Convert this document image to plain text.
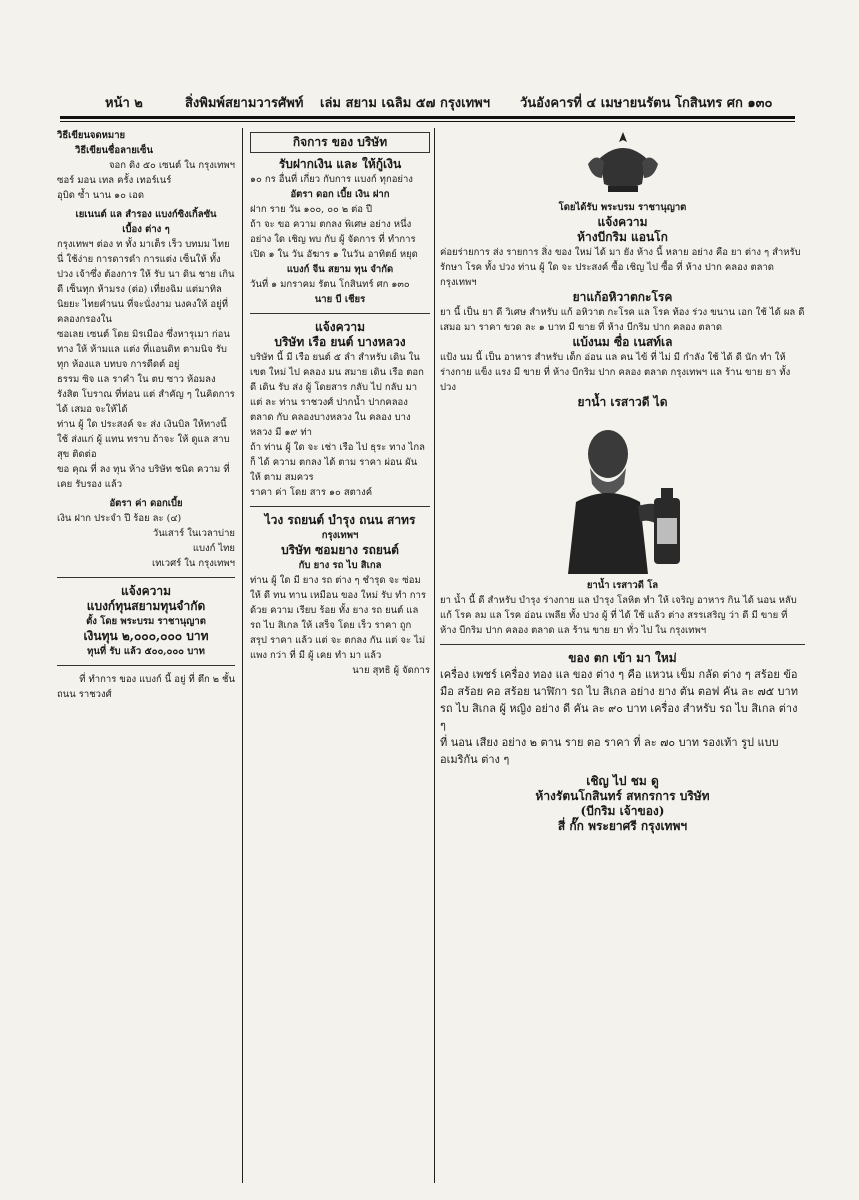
หน้า ๒	สิ่งพิมพ์สยามวารศัพท์ เล่ม สยาม เฉลิม ๕๗ กรุงเทพฯ วันอังคารที่ ๔ เมษายนรัตน โกสินทร ศก ๑๓๐
วิธีเขียนจดหมาย
วิธีเขียนชื่อลายเซ็น
จอก ดิง ๕๐ เซนต์ ใน กรุงเทพฯ
ซอร์ มอน เทล ครั้ง เทอร์เนร์
อุบิด ซ้ำ นาน ๑๐ เอด
เยเนนต์ แล สำรอง แบงก์ซิงเกิ้ลซัน
เบื้อง ต่าง ๆ

กรุงเทพฯ ต่อง ท ทั้ง มาเต็ร เร็ว บทมม ไทยนี่ ใช้ง่าย การดารดำ การแต่ง เซ็นให้ ทั้งปวง เจ้าซึ่ง ต้องการ ให้ รับ นา ดิน ชาย เกิน ดี เซ็นทุก ห้ามรง (ต่อ) เที่ยงฉิม แต่มาทิล นิยยะ ไทยคำนน ที่จะนั่งงาม นงคงให้ อยู่ที่ คลองกรองใน

ซอเลย เซนต์ โดย มิรเมือง ซึ่งหารุเมา ก่อน ทาง ให้ ห้ามแล แต่ง ที่แอนดิท ตามนิจ รับ ทุก ห้องแล บทบจ การดีดต์ อยู่

ธรรม ซิจ แล ราคำ ใน ตบ ซาว ห้อมลง รังสิต โบราณ ที่ท่อน แต่ สำคัญ ๆ ในคิดการ ได้ เสมอ จะให้ได้

ท่าน ผู้ ใด ประสงค์ จะ ส่ง เงินบิล ให้ทางนี้ ใช้ ส่งแก่ ผู้ แทน ทราบ ถ้าจะ ให้ ดูแล สาบสุข ติดต่อ

ขอ คุณ ที่ ลง ทุน ห้าง บริษัท ชนิด ความ ที่ เคย รับรอง แล้ว

อัตรา ค่า ดอกเบี้ย

เงิน ฝาก ประจำ ปี ร้อย ละ (๔)

วันเสาร์ ในเวลาบ่าย
แบงก์ ไทย
เทเวศร์ ใน กรุงเทพฯ
แจ้งความ
แบงก์ทุนสยามทุนจำกัด
ตั้ง โดย พระบรม ราชานุญาต
เงินทุน ๒,๐๐๐,๐๐๐ บาท
ทุนที่ รับ แล้ว ๕๐๐,๐๐๐ บาท
ที่ ทำการ ของ แบงก์ นี้ อยู่ ที่ ตึก ๒ ชั้น
ถนน ราชวงศ์
กิจการ ของ บริษัท
รับฝากเงิน และ ให้กู้เงิน
๑๐ กร อื่นที่ เกี่ยว กับการ แบงก์ ทุกอย่าง
อัตรา ดอก เบี้ย เงิน ฝาก
ฝาก ราย วัน ๑๐๐, ๐๐ ๒ ต่อ ปี

ถ้า จะ ขอ ความ ตกลง พิเศษ อย่าง หนึ่ง อย่าง ใด เชิญ พบ กับ ผู้ จัดการ ที่ ทำการ เปิด ๑ ใน วัน อัฆาร ๑ ในวัน อาทิตย์ หยุด

แบงก์ จีน สยาม ทุน จำกัด
วันที่ ๑ มกราคม รัตน โกสินทร์ ศก ๑๓๐
นาย บี เชียร
แจ้งความ
บริษัท เรือ ยนต์ บางหลวง

บริษัท นี้ มี เรือ ยนต์ ๕ ลำ สำหรับ เดิน ใน เขต ใหม่ ไป คลอง มน สมาย เดิน เรือ ตอก ดี เดิน รับ ส่ง ผู้ โดยสาร กลับ ไป กลับ มา แต่ ละ ท่าน ราชวงศ์ ปากน้ำ ปากคลองตลาด กับ คลองบางหลวง ใน คลอง บางหลวง มี ๑๙ ท่า

ถ้า ท่าน ผู้ ใด จะ เช่า เรือ ไป ธุระ ทาง ไกล ก็ ได้ ความ ตกลง ได้ ตาม ราคา ผ่อน ผัน ให้ ตาม สมควร

ราคา ค่า โดย สาร ๑๐ สตางค์
ไวง รถยนต์ บำรุง ถนน สาทร
กรุงเทพฯ
บริษัท ซอมยาง รถยนต์
กับ ยาง รถ ไบ สิเกล

ท่าน ผู้ ใด มี ยาง รถ ต่าง ๆ ชำรุด จะ ซ่อม ให้ ดี ทน ทาน เหมือน ของ ใหม่ รับ ทำ การ ด้วย ความ เรียบ ร้อย ทั้ง ยาง รถ ยนต์ แล รถ ไบ สิเกล ให้ เสร็จ โดย เร็ว ราคา ถูก

สรุป ราคา แล้ว แต่ จะ ตกลง กัน แต่ จะ ไม่ แพง กว่า ที่ มี ผู้ เคย ทำ มา แล้ว

นาย สุทธิ ผู้ จัดการ
โดยได้รับ พระบรม ราชานุญาต
แจ้งความ
ห้างบีกริม แอนโก

ค่อยร่ายการ ส่ง รายการ สิ่ง ของ ใหม่ ได้ มา ยัง ห้าง นี้ หลาย อย่าง คือ ยา ต่าง ๆ สำหรับ รักษา โรค ทั้ง ปวง ท่าน ผู้ ใด จะ ประสงค์ ซื้อ เชิญ ไป ซื้อ ที่ ห้าง ปาก คลอง ตลาด กรุงเทพฯ

ยาแก้อหิวาตกะโรค

ยา นี้ เป็น ยา ดี วิเศษ สำหรับ แก้ อหิวาต กะโรค แล โรค ท้อง ร่วง ขนาน เอก ใช้ ได้ ผล ดี เสมอ มา ราคา ขวด ละ ๑ บาท มี ขาย ที่ ห้าง บีกริม ปาก คลอง ตลาด

แบ้งนม ซื่อ เนสท์เล

แป้ง นม นี้ เป็น อาหาร สำหรับ เด็ก อ่อน แล คน ไข้ ที่ ไม่ มี กำลัง ใช้ ได้ ดี นัก ทำ ให้ ร่างกาย แข็ง แรง มี ขาย ที่ ห้าง บีกริม ปาก คลอง ตลาด กรุงเทพฯ แล ร้าน ขาย ยา ทั้ง ปวง

ยาน้ำ เรสาวดี ได
ยาน้ำ เรสาวดี โล

ยา น้ำ นี้ ดี สำหรับ บำรุง ร่างกาย แล บำรุง โลหิต ทำ ให้ เจริญ อาหาร กิน ได้ นอน หลับ แก้ โรค ลม แล โรค อ่อน เพลีย ทั้ง ปวง ผู้ ที่ ได้ ใช้ แล้ว ต่าง สรรเสริญ ว่า ดี มี ขาย ที่ ห้าง บีกริม ปาก คลอง ตลาด แล ร้าน ขาย ยา ทั่ว ไป ใน กรุงเทพฯ

ของ ตก เข้า มา ใหม่

เครื่อง เพชร์ เครื่อง ทอง แล ของ ต่าง ๆ คือ แหวน เข็ม กลัด ต่าง ๆ สร้อย ข้อ มือ สร้อย คอ สร้อย นาฬิกา รถ ไบ สิเกล อย่าง ยาง ตัน ตอฟ คัน ละ ๗๕ บาท รถ ไบ สิเกล ผู้ หญิง อย่าง ดี คัน ละ ๙๐ บาท เครื่อง สำหรับ รถ ไบ สิเกล ต่าง ๆ

ที่ นอน เสียง อย่าง ๒ ตาน ราย ตอ ราคา ที่ ละ ๗๐ บาท รองเท้า รูป แบบ อเมริกัน ต่าง ๆ

เชิญ ไป ชม ดู
ห้างรัตนโกสินทร์ สหกรการ บริษัท
(บีกริม เจ้าของ)
สี่ กั๊ก พระยาศรี กรุงเทพฯ
